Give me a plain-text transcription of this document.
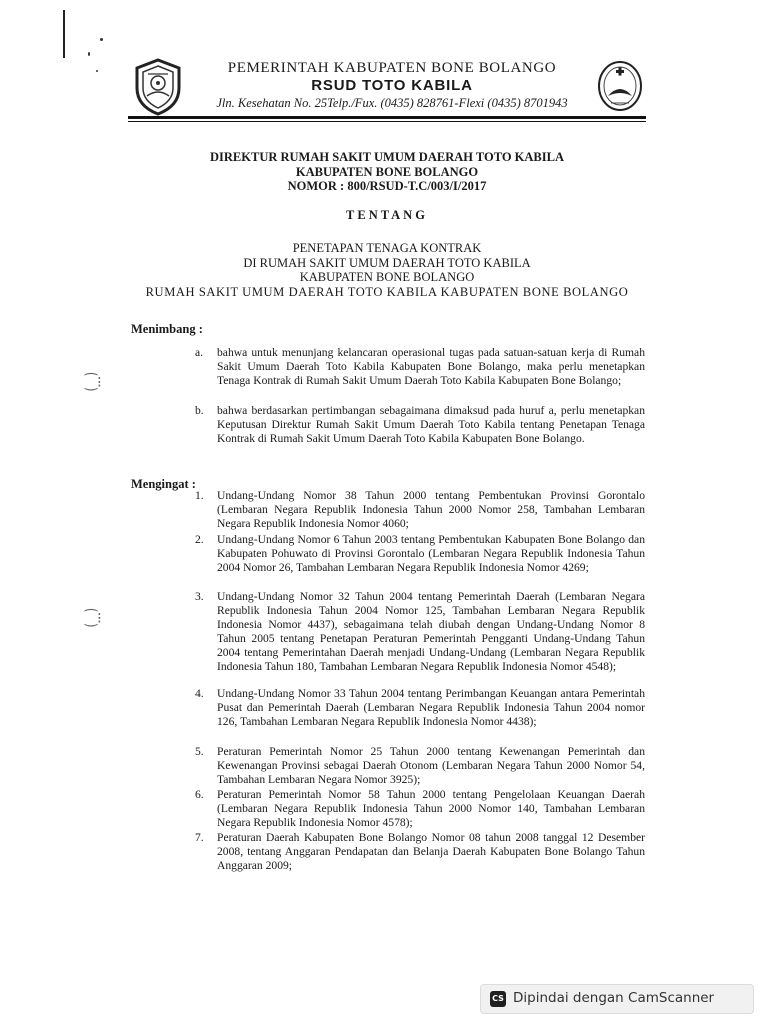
⁐⁝
⁐⁝
PEMERINTAH KABUPATEN BONE BOLANGO
RSUD TOTO KABILA
Jln. Kesehatan No. 25Telp./Fux. (0435) 828761-Flexi (0435) 8701943
DIREKTUR RUMAH SAKIT UMUM DAERAH TOTO KABILA
KABUPATEN BONE BOLANGO
NOMOR : 800/RSUD-T.C/003/I/2017
TENTANG
PENETAPAN TENAGA KONTRAK
DI RUMAH SAKIT UMUM DAERAH TOTO KABILA
KABUPATEN BONE BOLANGO
RUMAH SAKIT UMUM DAERAH TOTO KABILA KABUPATEN BONE BOLANGO
Menimbang :
a.	bahwa untuk menunjang kelancaran operasional tugas pada satuan-satuan kerja di Rumah Sakit Umum Daerah Toto Kabila Kabupaten Bone Bolango, maka perlu menetapkan Tenaga Kontrak di Rumah Sakit Umum Daerah Toto Kabila Kabupaten Bone Bolango;
b.	bahwa berdasarkan pertimbangan sebagaimana dimaksud pada huruf a, perlu menetapkan Keputusan Direktur Rumah Sakit Umum Daerah Toto Kabila tentang Penetapan Tenaga Kontrak di Rumah Sakit Umum Daerah Toto Kabila Kabupaten Bone Bolango.
Mengingat :
1.	Undang-Undang Nomor 38 Tahun 2000 tentang Pembentukan Provinsi Gorontalo (Lembaran Negara Republik Indonesia Tahun 2000 Nomor 258, Tambahan Lembaran Negara Republik Indonesia Nomor 4060;
2.	Undang-Undang Nomor 6 Tahun 2003 tentang Pembentukan Kabupaten Bone Bolango dan Kabupaten Pohuwato di Provinsi Gorontalo (Lembaran Negara Republik Indonesia Tahun 2004 Nomor 26, Tambahan Lembaran Negara Republik Indonesia Nomor 4269;
3.	Undang-Undang Nomor 32 Tahun 2004 tentang Pemerintah Daerah (Lembaran Negara Republik Indonesia Tahun 2004 Nomor 125, Tambahan Lembaran Negara Republik Indonesia Nomor 4437), sebagaimana telah diubah dengan Undang-Undang Nomor 8 Tahun 2005 tentang Penetapan Peraturan Pemerintah Pengganti Undang-Undang Tahun 2004 tentang Pemerintahan Daerah menjadi Undang-Undang (Lembaran Negara Republik Indonesia Tahun 180, Tambahan Lembaran Negara Republik Indonesia Nomor 4548);
4.	Undang-Undang Nomor 33 Tahun 2004 tentang Perimbangan Keuangan antara Pemerintah Pusat dan Pemerintah Daerah (Lembaran Negara Republik Indonesia Tahun 2004 nomor 126, Tambahan Lembaran Negara Republik Indonesia Nomor 4438);
5.	Peraturan Pemerintah Nomor 25 Tahun 2000 tentang Kewenangan Pemerintah dan Kewenangan Provinsi sebagai Daerah Otonom (Lembaran Negara Tahun 2000 Nomor 54, Tambahan Lembaran Negara Nomor 3925);
6.	Peraturan Pemerintah Nomor 58 Tahun 2000 tentang Pengelolaan Keuangan Daerah (Lembaran Negara Republik Indonesia Tahun 2000 Nomor 140, Tambahan Lembaran Negara Republik Indonesia Nomor 4578);
7.	Peraturan Daerah Kabupaten Bone Bolango Nomor 08 tahun 2008 tanggal 12 Desember 2008, tentang Anggaran Pendapatan dan Belanja Daerah Kabupaten Bone Bolango Tahun Anggaran 2009;
CS Dipindai dengan CamScanner
